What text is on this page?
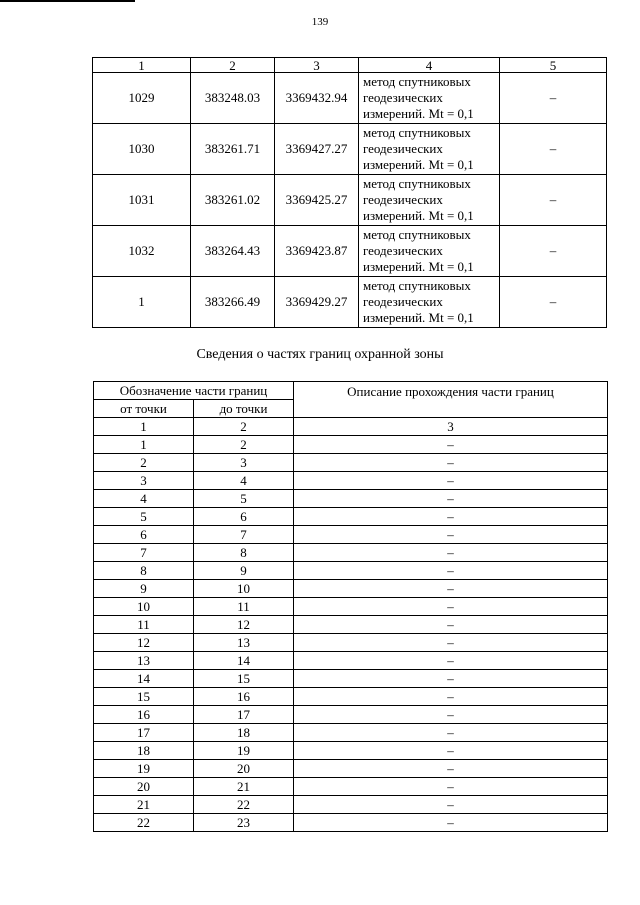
139
1	2	3	4	5
1029	383248.03	3369432.94	метод спутниковых
геодезических
измерений. Mt = 0,1	–
1030	383261.71	3369427.27	метод спутниковых
геодезических
измерений. Mt = 0,1	–
1031	383261.02	3369425.27	метод спутниковых
геодезических
измерений. Mt = 0,1	–
1032	383264.43	3369423.87	метод спутниковых
геодезических
измерений. Mt = 0,1	–
1	383266.49	3369429.27	метод спутниковых
геодезических
измерений. Mt = 0,1	–
Сведения о частях границ охранной зоны
Обозначение части границ		Описание прохождения части границ
от точки	до точки	
1	2	3
1	2	–
2	3	–
3	4	–
4	5	–
5	6	–
6	7	–
7	8	–
8	9	–
9	10	–
10	11	–
11	12	–
12	13	–
13	14	–
14	15	–
15	16	–
16	17	–
17	18	–
18	19	–
19	20	–
20	21	–
21	22	–
22	23	–
